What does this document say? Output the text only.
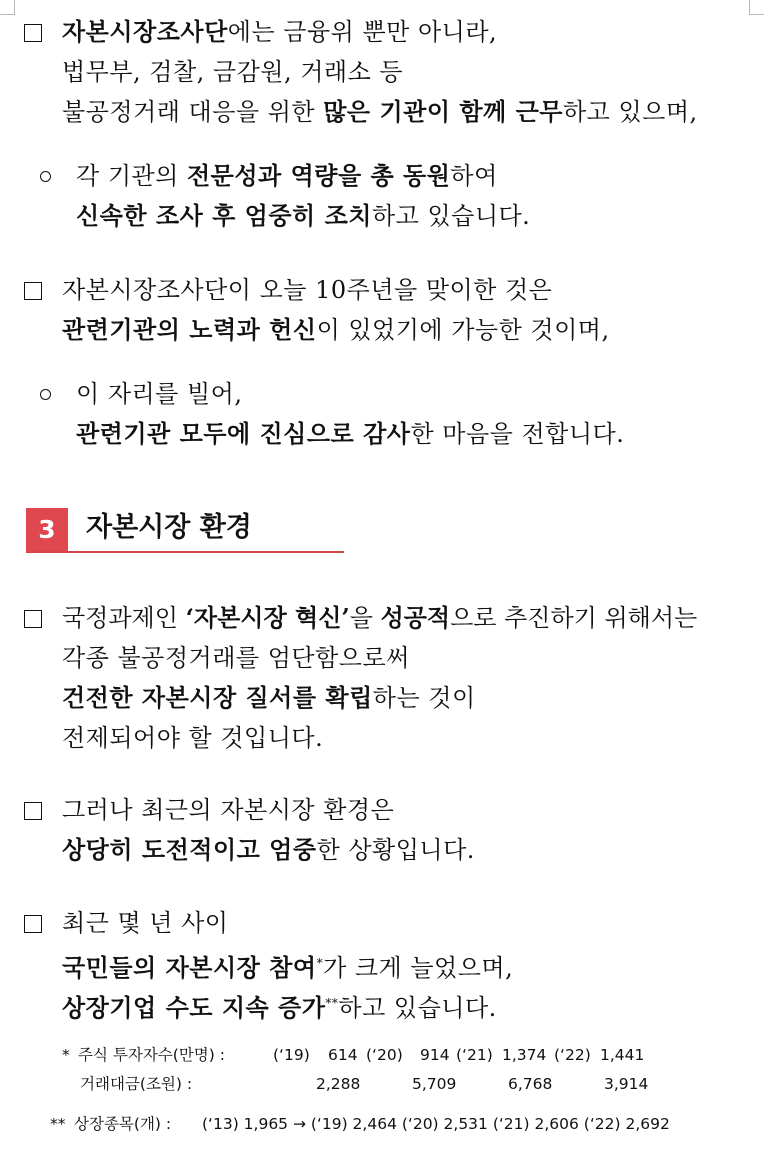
자본시장조사단에는 금융위 뿐만 아니라,
법무부, 검찰, 금감원, 거래소 등
불공정거래 대응을 위한 많은 기관이 함께 근무하고 있으며,
각 기관의 전문성과 역량을 총 동원하여
신속한 조사 후 엄중히 조치하고 있습니다.
자본시장조사단이 오늘 10주년을 맞이한 것은
관련기관의 노력과 헌신이 있었기에 가능한 것이며,
이 자리를 빌어,
관련기관 모두에 진심으로 감사한 마음을 전합니다.
3	자본시장 환경
국정과제인 ‘자본시장 혁신’을 성공적으로 추진하기 위해서는
각종 불공정거래를 엄단함으로써
건전한 자본시장 질서를 확립하는 것이
전제되어야 할 것입니다.
그러나 최근의 자본시장 환경은
상당히 도전적이고 엄중한 상황입니다.
최근 몇 년 사이
국민들의 자본시장 참여*가 크게 늘었으며,
상장기업 수도 지속 증가**하고 있습니다.
* 주식 투자자수(만명) :	(‘19) 614 (‘20) 914 (‘21) 1,374 (‘22) 1,441
거래대금(조원) :	2,288	5,709	6,768	3,914
** 상장종목(개) : (‘13) 1,965 → (‘19) 2,464 (‘20) 2,531 (‘21) 2,606 (‘22) 2,692
